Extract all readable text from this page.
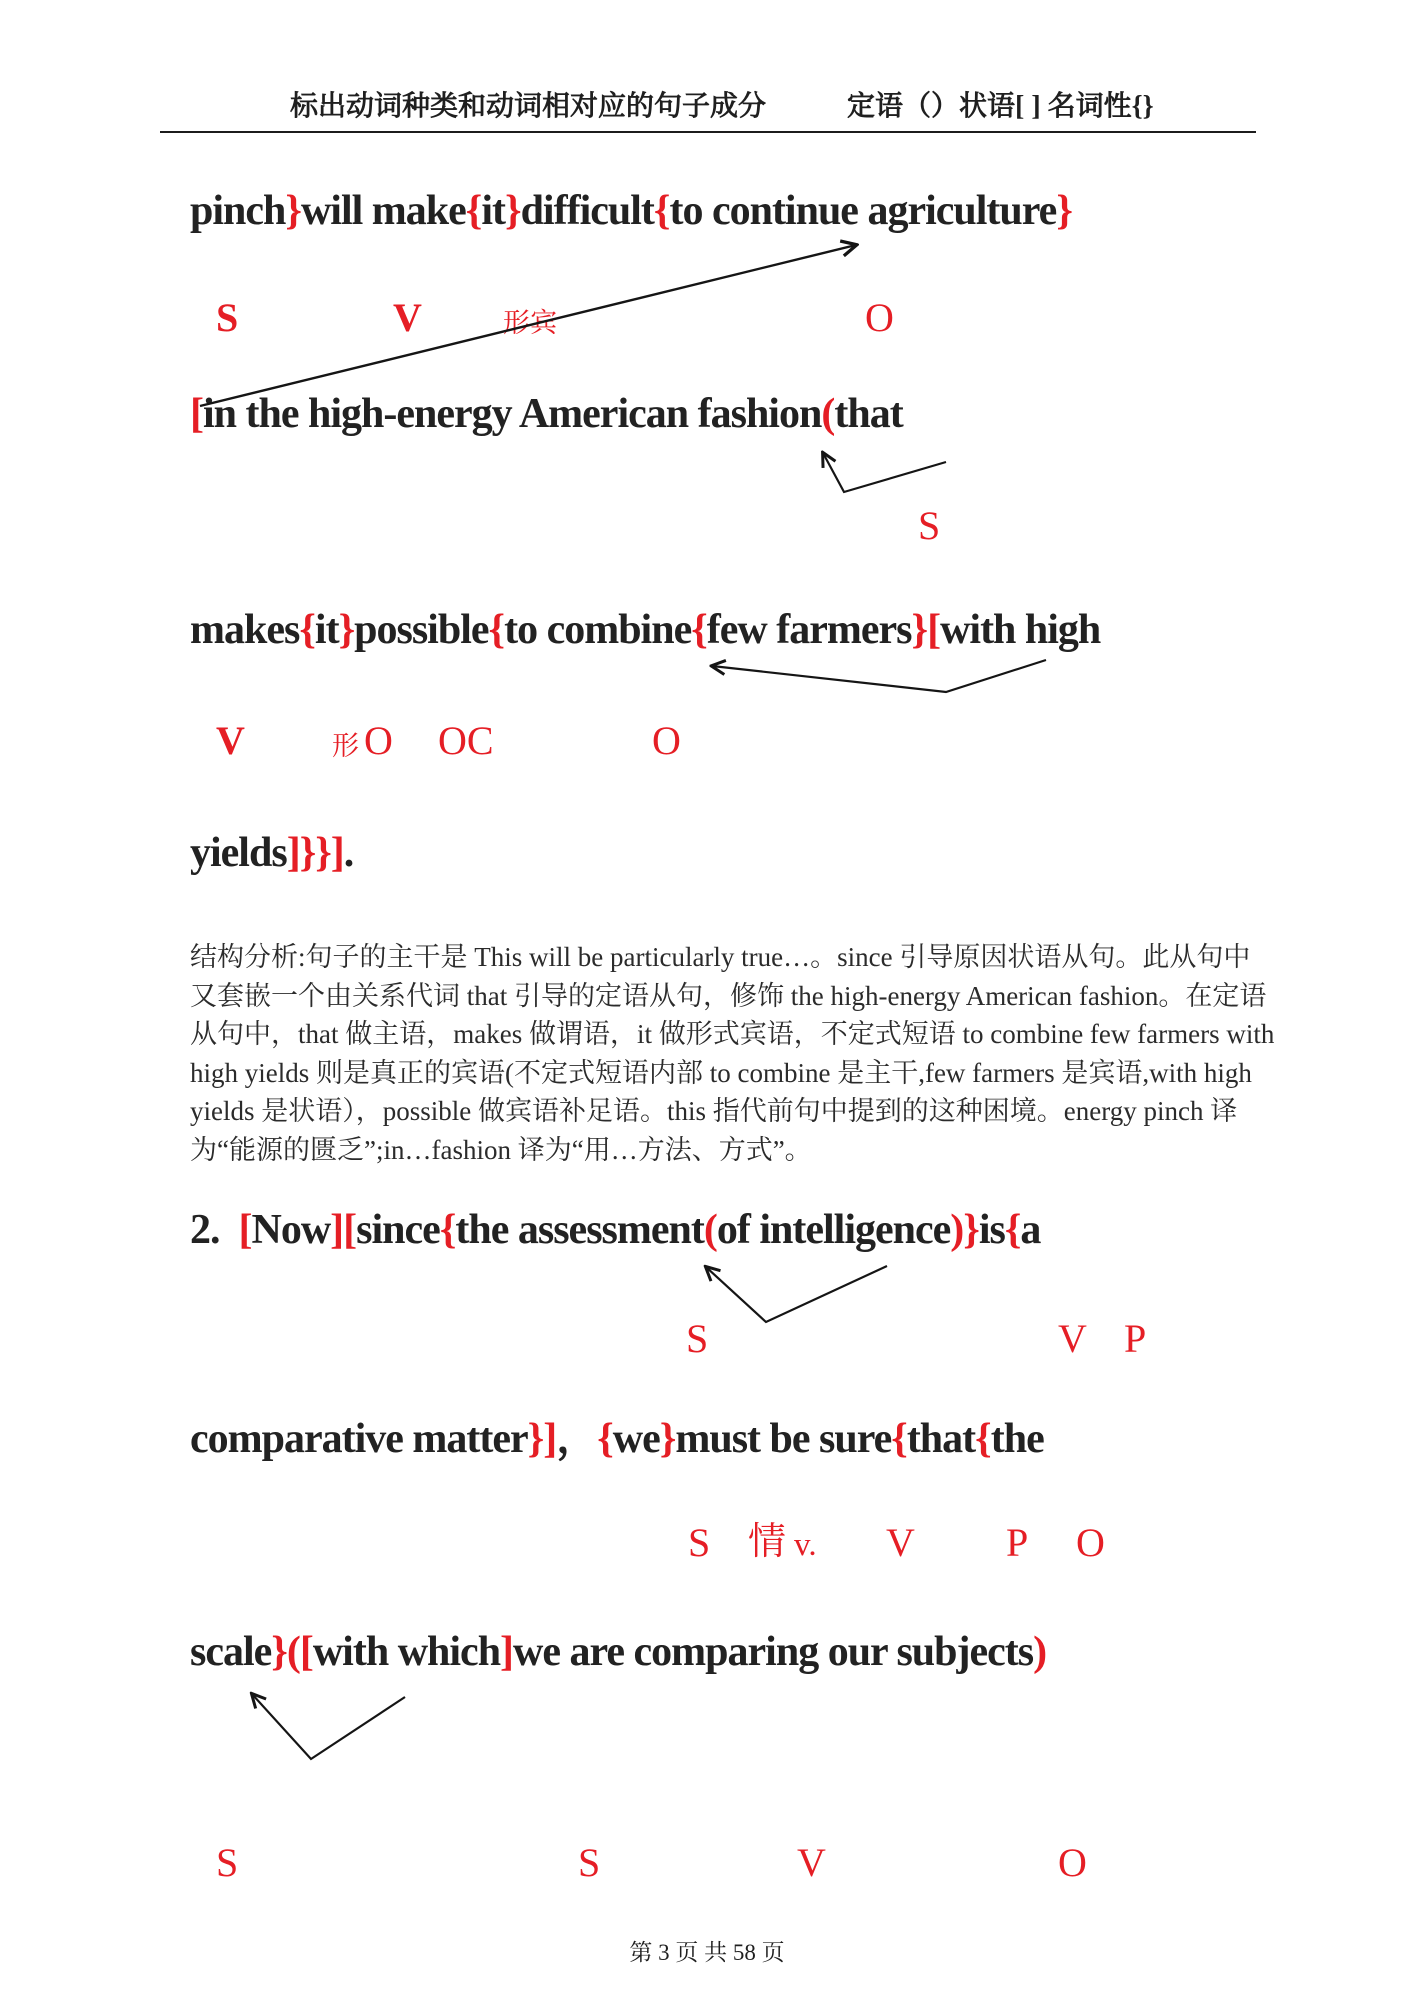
标出动词种类和动词相对应的句子成分	定语（）状语[ ] 名词性{}
pinch}will make{it}difficult{to continue agriculture}
S	V	形宾	O
[in the high-energy American fashion(that
S
makes{it}possible{to combine{few farmers}[with high
V	形 O OC	O
yields]}}].
结构分析:句子的主干是 This will be particularly true…。since 引导原因状语从句。此从句中
又套嵌一个由关系代词 that 引导的定语从句，修饰 the high-energy American fashion。在定语
从句中，that 做主语，makes 做谓语，it 做形式宾语，不定式短语 to combine few farmers with
high yields 则是真正的宾语(不定式短语内部 to combine 是主干,few farmers 是宾语,with high
yields 是状语），possible 做宾语补足语。this 指代前句中提到的这种困境。energy pinch 译
为“能源的匮乏”;in…fashion 译为“用…方法、方式”。
2. [Now][since{the assessment(of intelligence)}is{a
S	V P
comparative matter}]，{we}must be sure{that{the
S 情 v. V P O
scale}([with which]we are comparing our subjects)
S	S	V	O
第 3 页 共 58 页
